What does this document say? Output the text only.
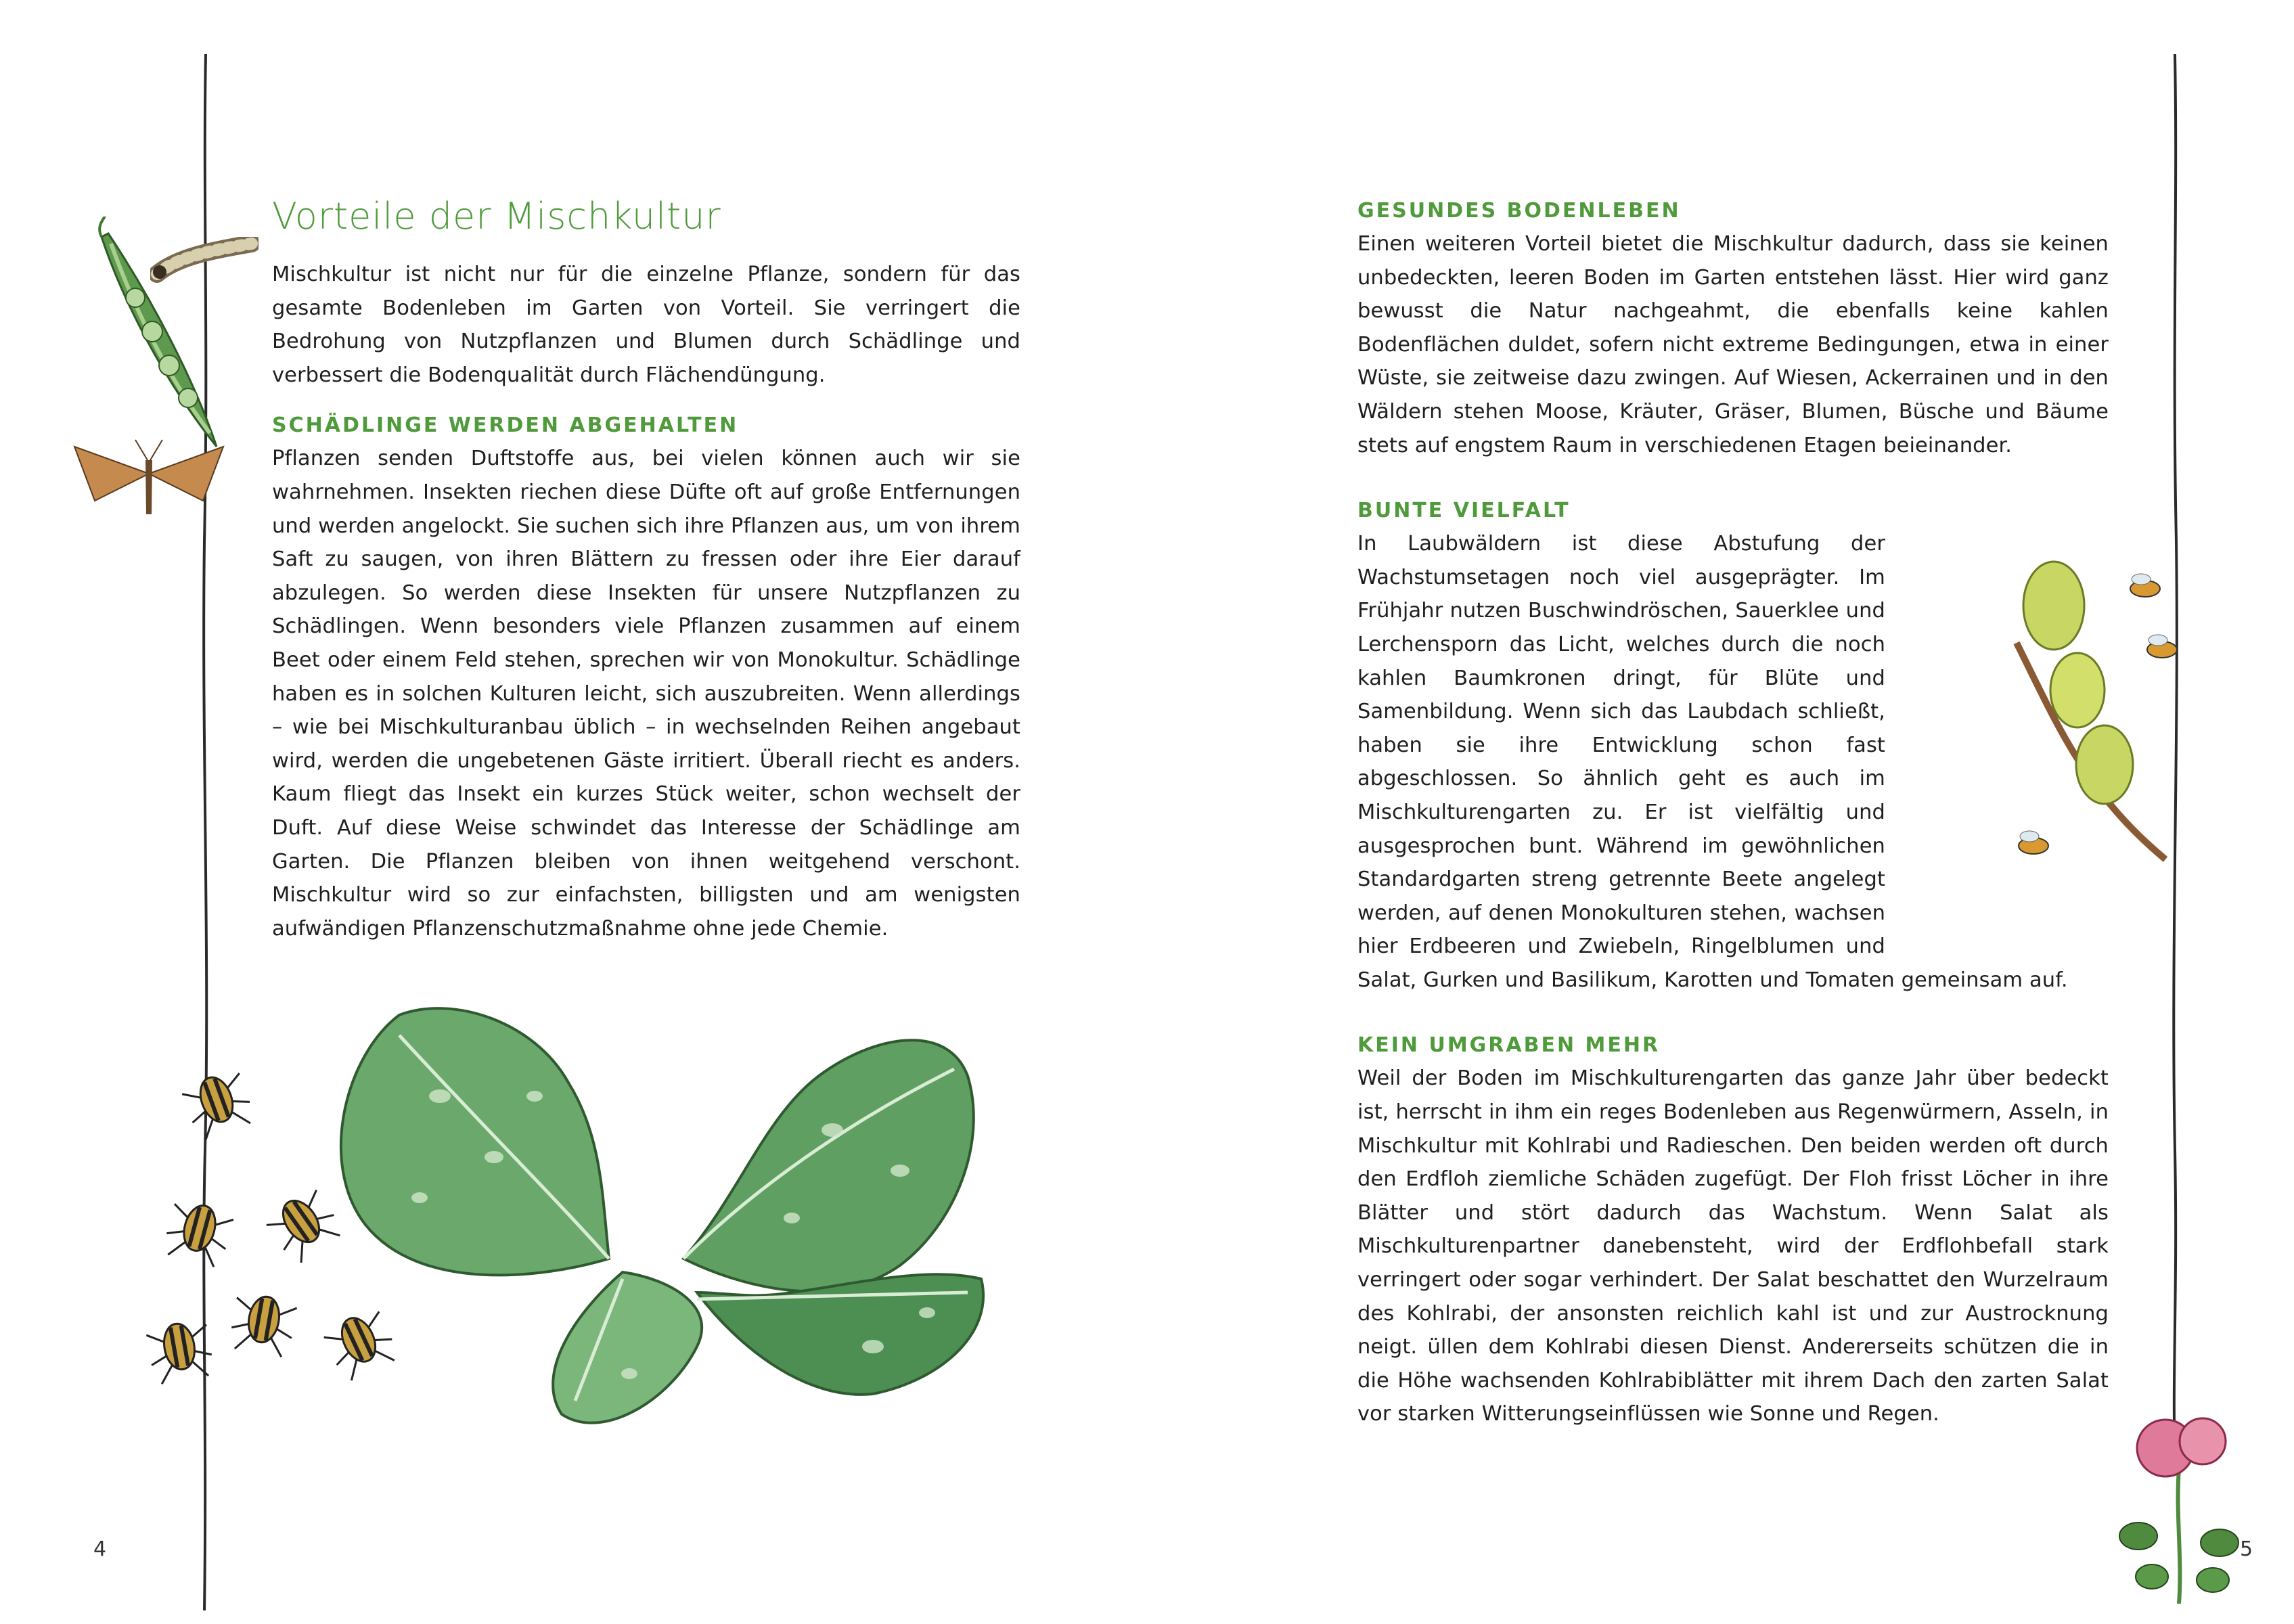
Vorteile der Mischkultur

Mischkultur ist nicht nur für die einzelne Pflanze, sondern für das gesamte Bodenleben im Garten von Vorteil. Sie verringert die Bedrohung von Nutzpflanzen und Blumen durch Schädlinge und verbessert die Bodenqualität durch Flächendüngung.

SCHÄDLINGE WERDEN ABGEHALTEN

Pflanzen senden Duftstoffe aus, bei vielen können auch wir sie wahrnehmen. Insekten riechen diese Düfte oft auf große Entfernungen und werden angelockt. Sie suchen sich ihre Pflanzen aus, um von ihrem Saft zu saugen, von ihren Blättern zu fressen oder ihre Eier darauf abzulegen. So werden diese Insekten für unsere Nutzpflanzen zu Schädlingen. Wenn besonders viele Pflanzen zusammen auf einem Beet oder einem Feld stehen, sprechen wir von Monokultur. Schädlinge haben es in solchen Kulturen leicht, sich auszubreiten. Wenn allerdings – wie bei Mischkulturanbau üblich – in wechselnden Reihen angebaut wird, werden die ungebetenen Gäste irritiert. Überall riecht es anders. Kaum fliegt das Insekt ein kurzes Stück weiter, schon wechselt der Duft. Auf diese Weise schwindet das Interesse der Schädlinge am Garten. Die Pflanzen bleiben von ihnen weitgehend verschont. Mischkultur wird so zur einfachsten, billigsten und am wenigsten aufwändigen Pflanzenschutzmaßnahme ohne jede Chemie.

GESUNDES BODENLEBEN

Einen weiteren Vorteil bietet die Mischkultur dadurch, dass sie keinen unbedeckten, leeren Boden im Garten entstehen lässt. Hier wird ganz bewusst die Natur nachgeahmt, die ebenfalls keine kahlen Bodenflächen duldet, sofern nicht extreme Bedingungen, etwa in einer Wüste, sie zeitweise dazu zwingen. Auf Wiesen, Ackerrainen und in den Wäldern stehen Moose, Kräuter, Gräser, Blumen, Büsche und Bäume stets auf engstem Raum in verschiedenen Etagen beieinander.

BUNTE VIELFALT

In Laubwäldern ist diese Abstufung der Wachstumsetagen noch viel ausgeprägter. Im Frühjahr nutzen Buschwindröschen, Sauerklee und Lerchensporn das Licht, welches durch die noch kahlen Baumkronen dringt, für Blüte und Samenbildung. Wenn sich das Laubdach schließt, haben sie ihre Entwicklung schon fast abgeschlossen. So ähnlich geht es auch im Mischkulturengarten zu. Er ist vielfältig und ausgesprochen bunt. Während im gewöhnlichen Standardgarten streng getrennte Beete angelegt werden, auf denen Monokulturen stehen, wachsen hier Erdbeeren und Zwiebeln, Ringelblumen und Salat, Gurken und Basilikum, Karotten und Tomaten gemeinsam auf.

KEIN UMGRABEN MEHR

Weil der Boden im Mischkulturengarten das ganze Jahr über bedeckt ist, herrscht in ihm ein reges Bodenleben aus Regenwürmern, Asseln, in Mischkultur mit Kohlrabi und Radieschen. Den beiden werden oft durch den Erdfloh ziemliche Schäden zugefügt. Der Floh frisst Löcher in ihre Blätter und stört dadurch das Wachstum. Wenn Salat als Mischkulturenpartner danebensteht, wird der Erdflohbefall stark verringert oder sogar verhindert. Der Salat beschattet den Wurzelraum des Kohlrabi, der ansonsten reichlich kahl ist und zur Austrocknung neigt. üllen dem Kohlrabi diesen Dienst. Andererseits schützen die in die Höhe wachsenden Kohlrabiblätter mit ihrem Dach den zarten Salat vor starken Witterungseinflüssen wie Sonne und Regen.

4	5
